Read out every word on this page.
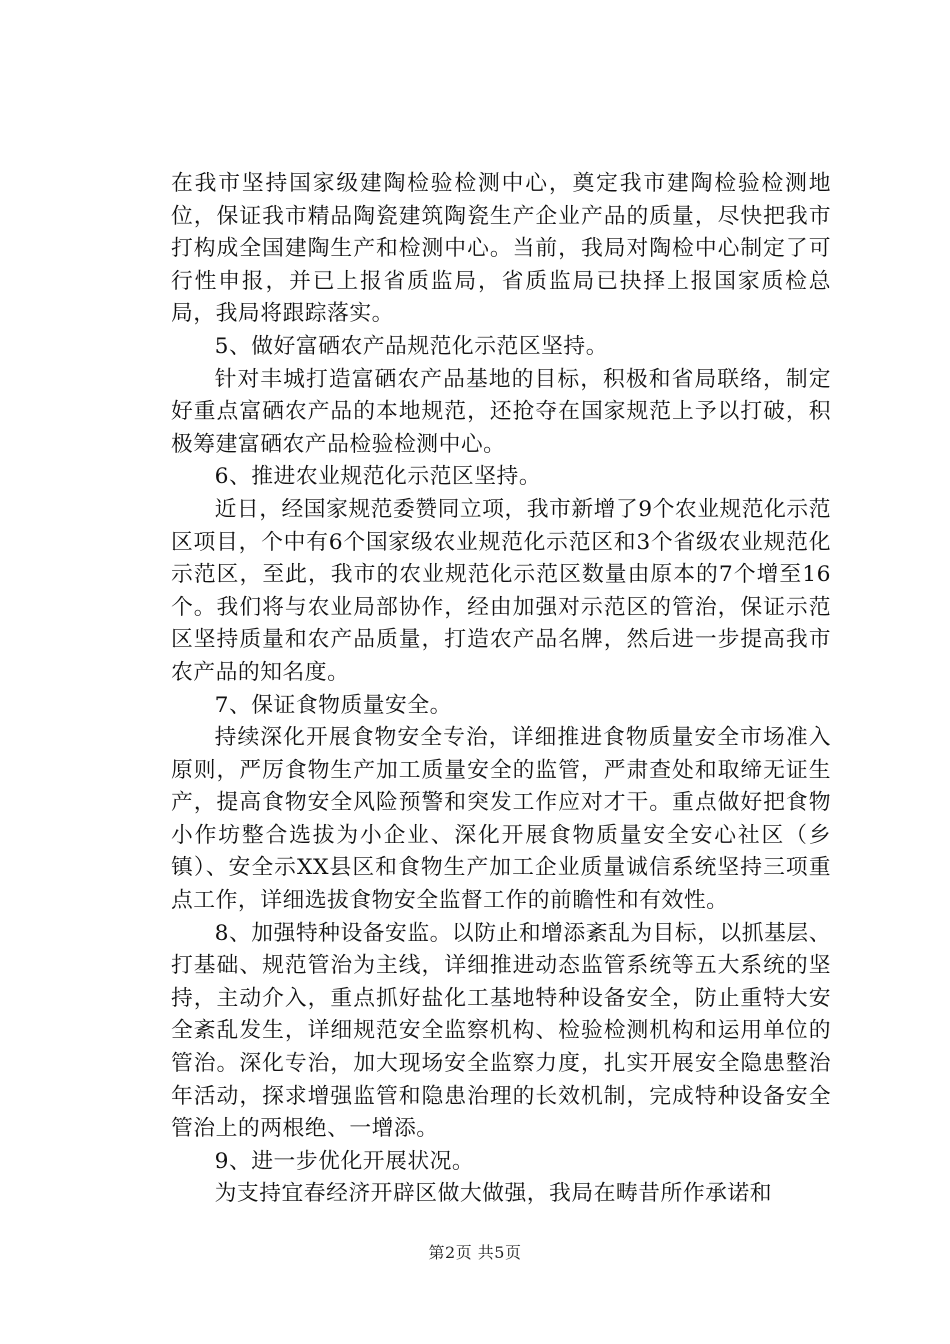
在我市坚持国家级建陶检验检测中心，奠定我市建陶检验检测地位，保证我市精品陶瓷建筑陶瓷生产企业产品的质量，尽快把我市打构成全国建陶生产和检测中心。当前，我局对陶检中心制定了可行性申报，并已上报省质监局，省质监局已抉择上报国家质检总局，我局将跟踪落实。

5、做好富硒农产品规范化示范区坚持。

针对丰城打造富硒农产品基地的目标，积极和省局联络，制定好重点富硒农产品的本地规范，还抢夺在国家规范上予以打破，积极筹建富硒农产品检验检测中心。

6、推进农业规范化示范区坚持。

近日，经国家规范委赞同立项，我市新增了9个农业规范化示范区项目，个中有6个国家级农业规范化示范区和3个省级农业规范化示范区，至此，我市的农业规范化示范区数量由原本的7个增至16个。我们将与农业局部协作，经由加强对示范区的管治，保证示范区坚持质量和农产品质量，打造农产品名牌，然后进一步提高我市农产品的知名度。

7、保证食物质量安全。

持续深化开展食物安全专治，详细推进食物质量安全市场准入原则，严厉食物生产加工质量安全的监管，严肃查处和取缔无证生产，提高食物安全风险预警和突发工作应对才干。重点做好把食物小作坊整合选拔为小企业、深化开展食物质量安全安心社区（乡镇）、安全示XX县区和食物生产加工企业质量诚信系统坚持三项重点工作，详细选拔食物安全监督工作的前瞻性和有效性。

8、加强特种设备安监。以防止和增添紊乱为目标，以抓基层、打基础、规范管治为主线，详细推进动态监管系统等五大系统的坚持，主动介入，重点抓好盐化工基地特种设备安全，防止重特大安全紊乱发生，详细规范安全监察机构、检验检测机构和运用单位的管治。深化专治，加大现场安全监察力度，扎实开展安全隐患整治年活动，探求增强监管和隐患治理的长效机制，完成特种设备安全管治上的两根绝、一增添。

9、进一步优化开展状况。

为支持宜春经济开辟区做大做强，我局在畴昔所作承诺和

第2页 共5页
